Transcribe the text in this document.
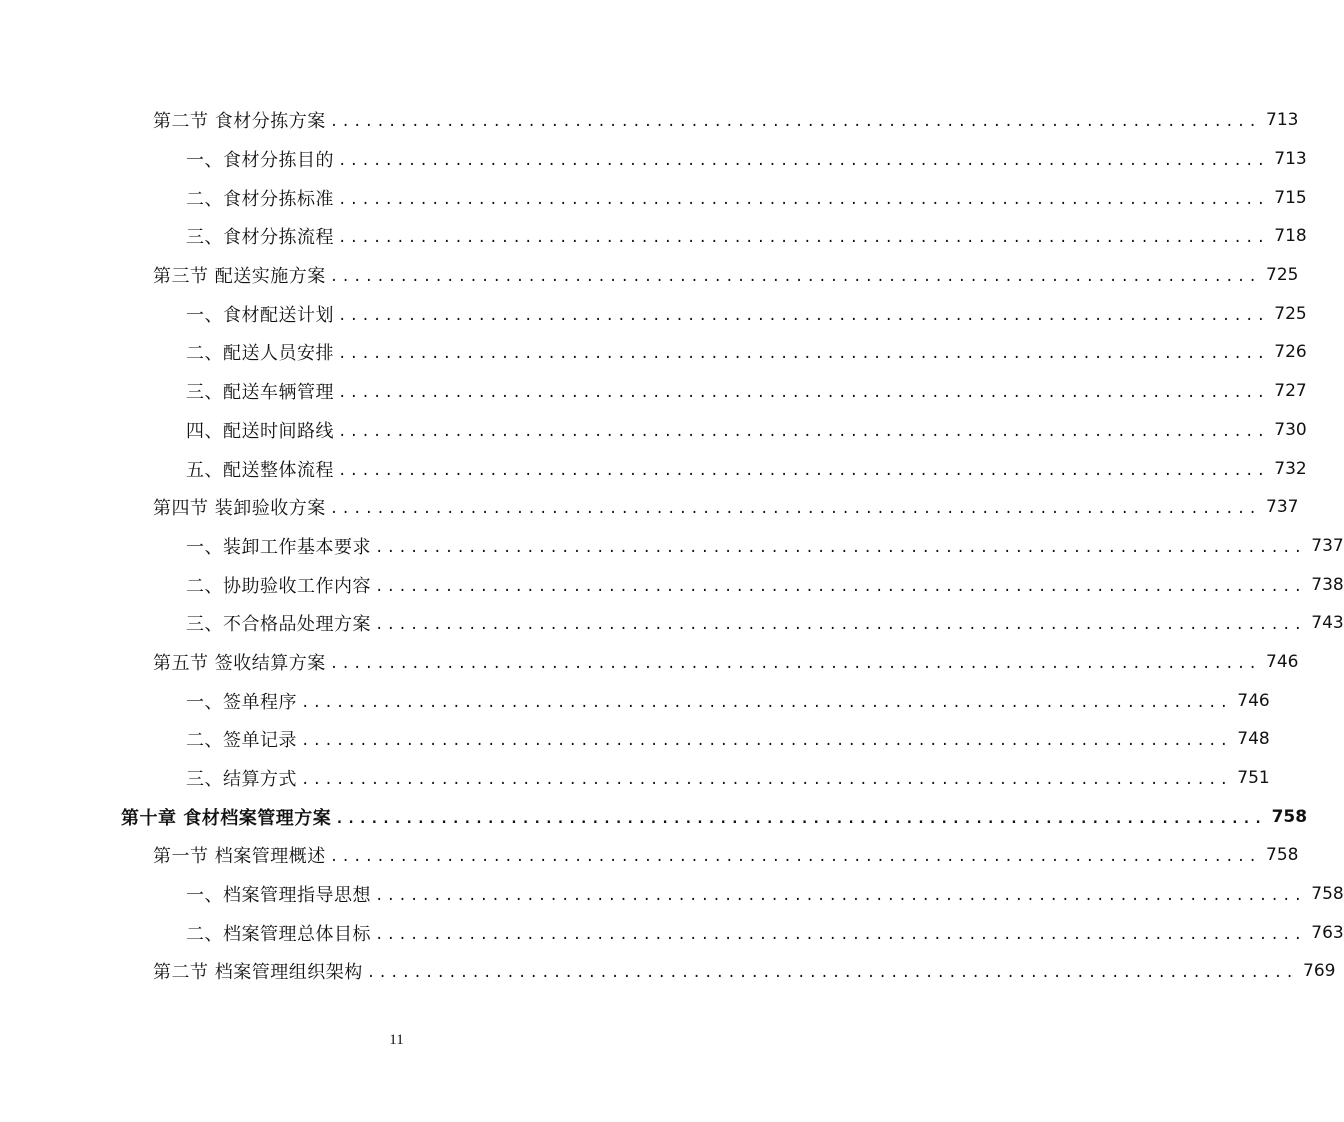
第二节 食材分拣方案 ................................................................................ 713
一、食材分拣目的 ................................................................................ 713
二、食材分拣标准 ................................................................................ 715
三、食材分拣流程 ................................................................................ 718
第三节 配送实施方案 ................................................................................ 725
一、食材配送计划 ................................................................................ 725
二、配送人员安排 ................................................................................ 726
三、配送车辆管理 ................................................................................ 727
四、配送时间路线 ................................................................................ 730
五、配送整体流程 ................................................................................ 732
第四节 装卸验收方案 ................................................................................ 737
一、装卸工作基本要求 ................................................................................ 737
二、协助验收工作内容 ................................................................................ 738
三、不合格品处理方案 ................................................................................ 743
第五节 签收结算方案 ................................................................................ 746
一、签单程序 ................................................................................ 746
二、签单记录 ................................................................................ 748
三、结算方式 ................................................................................ 751
第十章 食材档案管理方案 ................................................................................ 758
第一节 档案管理概述 ................................................................................ 758
一、档案管理指导思想 ................................................................................ 758
二、档案管理总体目标 ................................................................................ 763
第二节 档案管理组织架构 ................................................................................ 769
11
